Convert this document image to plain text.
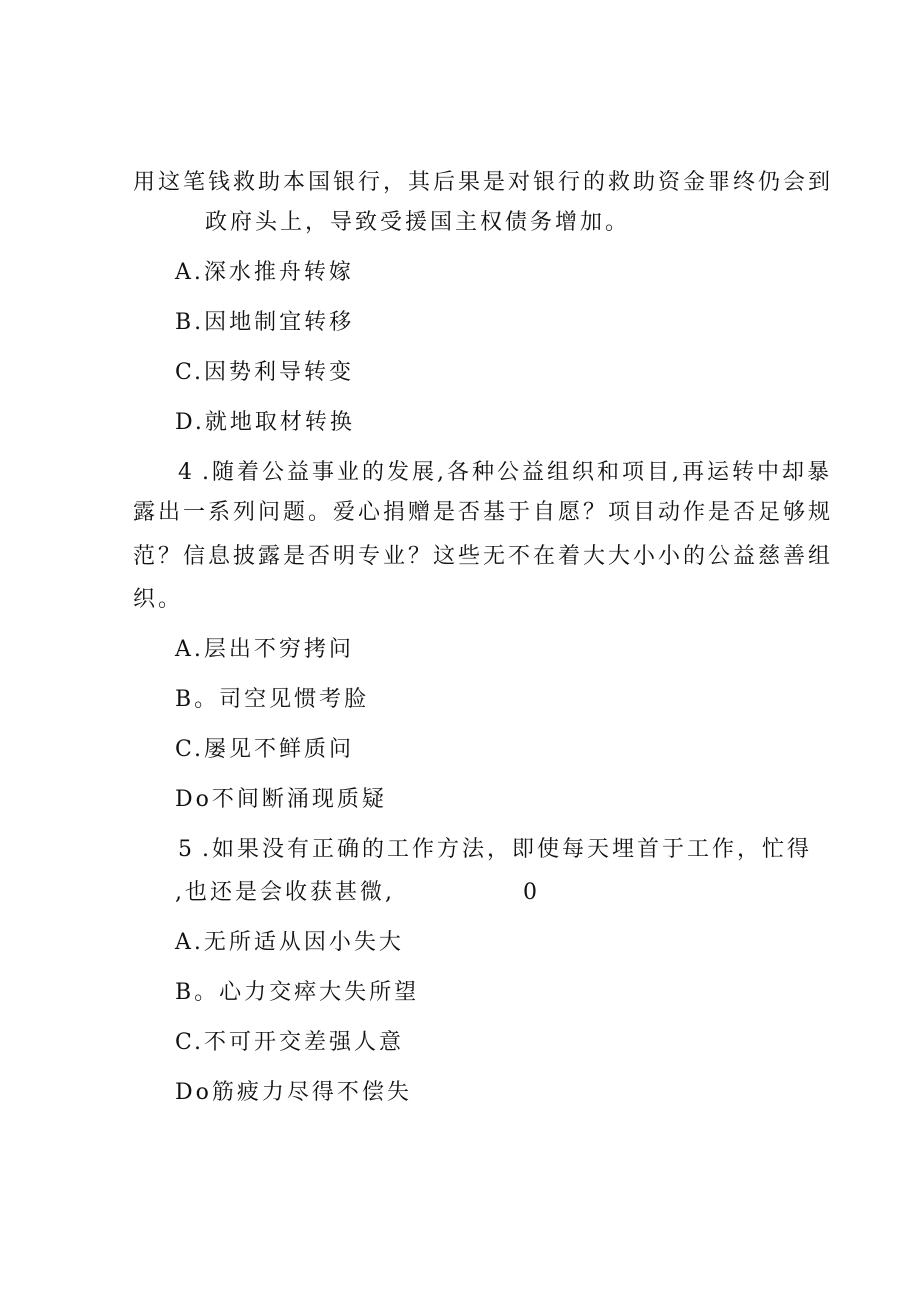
用这笔钱救助本国银行，其后果是对银行的救助资金罪终仍会到
政府头上，导致受援国主权债务增加。
A.深水推舟转嫁
B.因地制宜转移
C.因势利导转变
D.就地取材转换
4 .随着公益事业的发展,各种公益组织和项目,再运转中却暴
露出一系列问题。爱心捐赠是否基于自愿？项目动作是否足够规
范？信息披露是否明专业？这些无不在着大大小小的公益慈善组
织。
A.层出不穷拷问
B。司空见惯考脸
C.屡见不鲜质问
Do不间断涌现质疑
5 .如果没有正确的工作方法，即使每天埋首于工作，忙得
,也还是会收获甚微,	0
A.无所适从因小失大
B。心力交瘁大失所望
C.不可开交差强人意
Do筋疲力尽得不偿失
